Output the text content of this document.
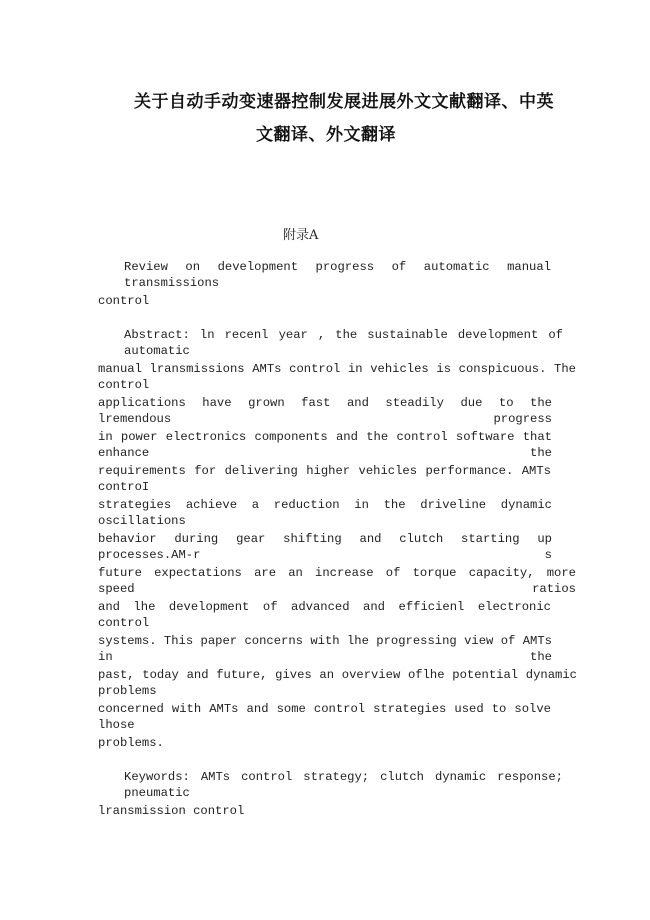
关于自动手动变速器控制发展进展外文文献翻译、中英
文翻译、外文翻译
附录A
Review on development progress of automatic manual transmissions
control
Abstract: ln recenl year , the sustainable development of automatic
manual lransmissions AMTs control in vehicles is conspicuous. The control
applications have grown fast and steadily due to the lremendous progress
in power electronics components and the control software that enhance the
requirements for delivering higher vehicles performance. AMTs controI
strategies achieve a reduction in the driveline dynamic oscillations
behavior during gear shifting and clutch starting up processes.AM-r s
future expectations are an increase of torque capacity, more speed ratios
and lhe development of advanced and efficienl electronic control
systems. This paper concerns with lhe progressing view of AMTs in the
past, today and future, gives an overview oflhe potential dynamic problems
concerned with AMTs and some control strategies used to solve lhose
problems.
Keywords: AMTs control strategy; clutch dynamic response; pneumatic
lransmission control
